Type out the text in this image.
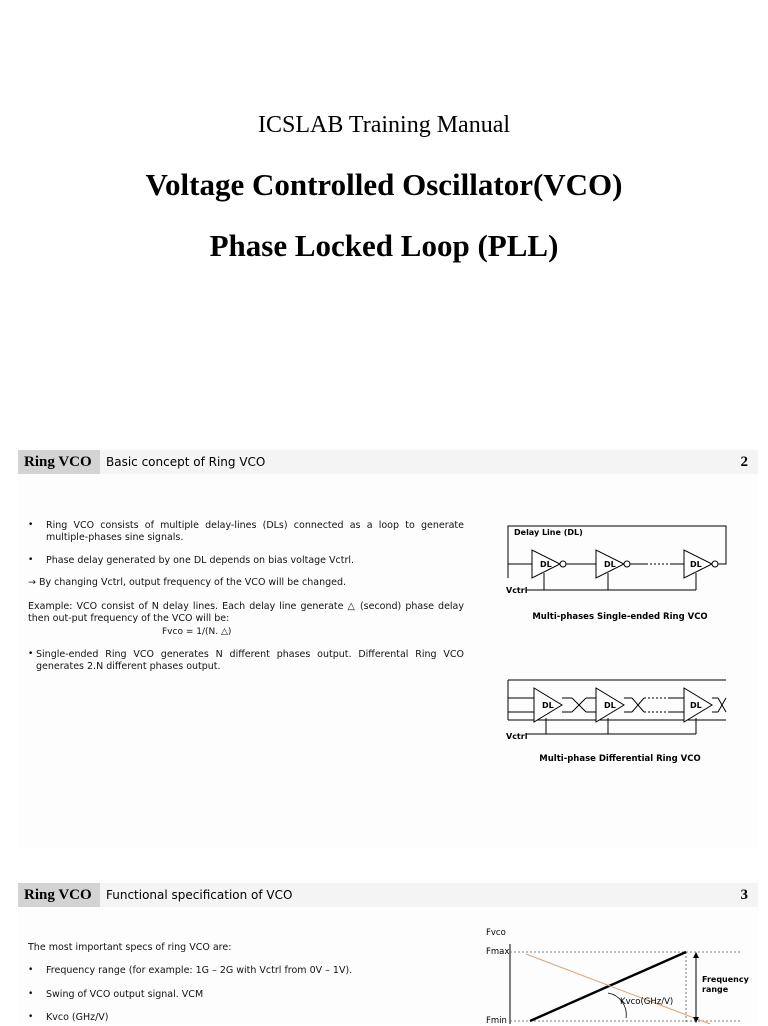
ICSLAB Training Manual
Voltage Controlled Oscillator(VCO)
Phase Locked Loop (PLL)
Ring VCO	Basic concept of Ring VCO	2
• Ring VCO consists of multiple delay-lines (DLs) connected as a loop to generate multiple-phases sine signals.
• Phase delay generated by one DL depends on bias voltage Vctrl.
→ By changing Vctrl, output frequency of the VCO will be changed.
Example: VCO consist of N delay lines. Each delay line generate △ (second) phase delay then out-put frequency of the VCO will be:
Fvco = 1/(N. △)
• Single-ended Ring VCO generates N different phases output. Differental Ring VCO generates 2.N different phases output.
DL	DL	DL
Delay Line (DL)
Vctrl
Multi-phases Single-ended Ring VCO
DL	DL	DL
Vctrl
Multi-phase Differential Ring VCO
Ring VCO	Functional specification of VCO	3
The most important specs of ring VCO are:
• Frequency range (for example: 1G – 2G with Vctrl from 0V – 1V).
• Swing of VCO output signal. VCM
• Kvco (GHz/V)
Fvco
Fmax
Fmin
Kvco(GHz/V)
Frequency range
